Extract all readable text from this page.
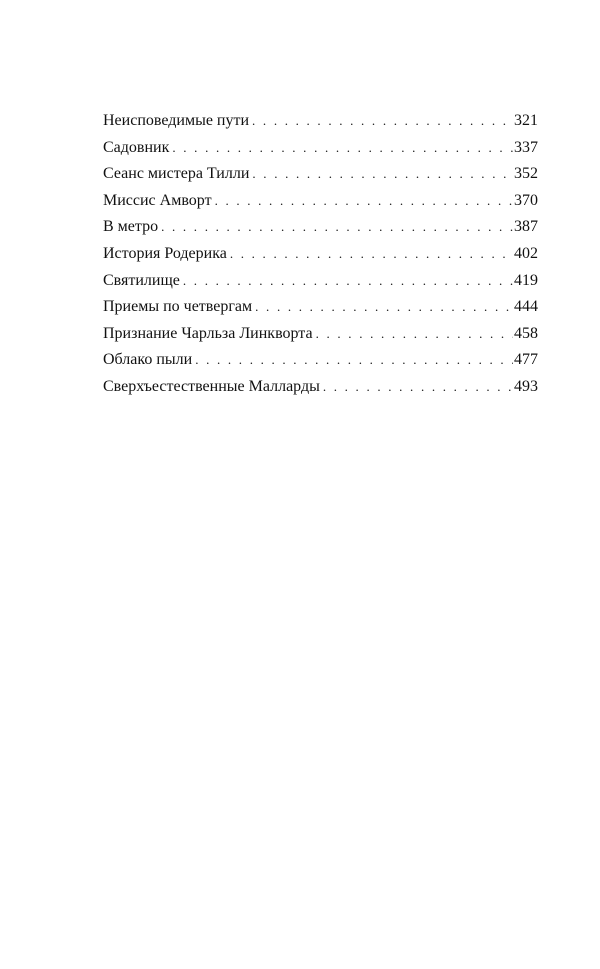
Неисповедимые пути . . .	321
Садовник . . .	337
Сеанс мистера Тилли . . .	352
Миссис Амворт . . .	370
В метро . . .	387
История Родерика . . .	402
Святилище . . .	419
Приемы по четвергам . . .	444
Признание Чарльза Линкворта . . .	458
Облако пыли . . .	477
Сверхъестественные Малларды . . .	493
